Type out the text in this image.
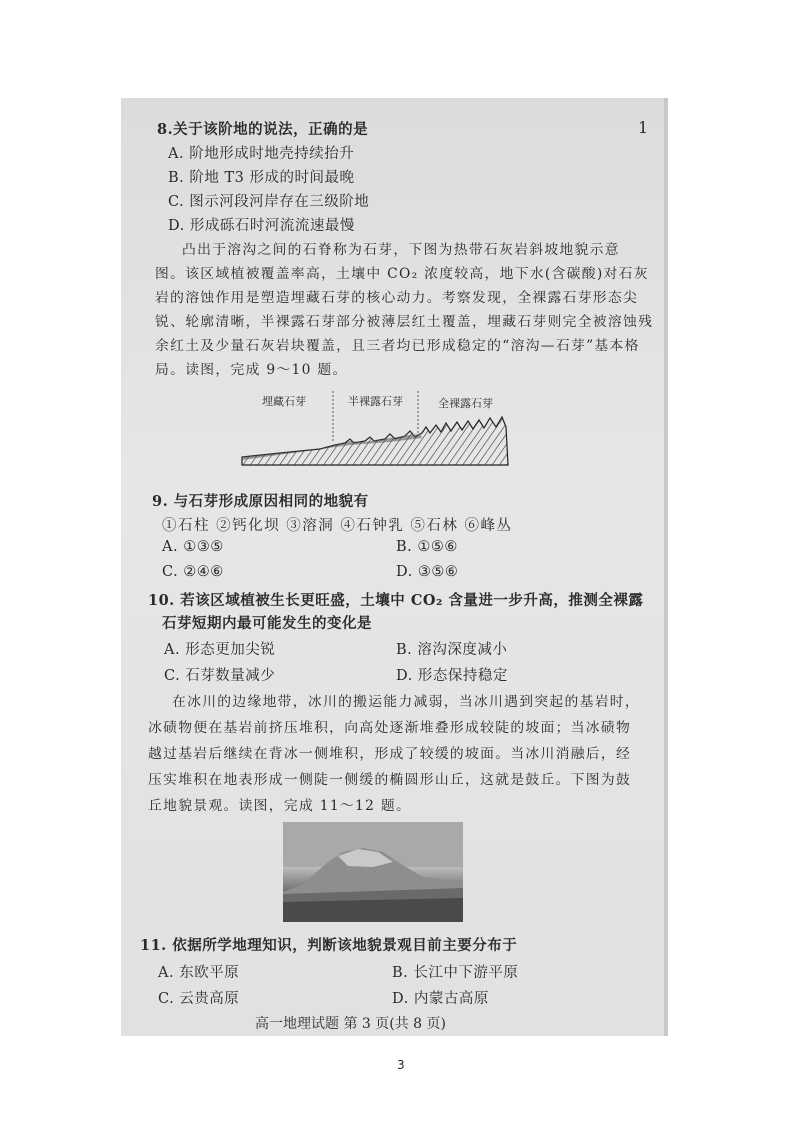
1
8.关于该阶地的说法，正确的是
A. 阶地形成时地壳持续抬升
B. 阶地 T3 形成的时间最晚
C. 图示河段河岸存在三级阶地
D. 形成砾石时河流流速最慢
凸出于溶沟之间的石脊称为石芽，下图为热带石灰岩斜坡地貌示意
图。该区域植被覆盖率高，土壤中 CO₂ 浓度较高，地下水(含碳酸)对石灰
岩的溶蚀作用是塑造埋藏石芽的核心动力。考察发现，全裸露石芽形态尖
锐、轮廓清晰，半裸露石芽部分被薄层红土覆盖，埋藏石芽则完全被溶蚀残
余红土及少量石灰岩块覆盖，且三者均已形成稳定的“溶沟—石芽”基本格
局。读图，完成 9～10 题。
埋藏石芽	半裸露石芽	全裸露石芽
9. 与石芽形成原因相同的地貌有
①石柱 ②钙化坝 ③溶洞 ④石钟乳 ⑤石林 ⑥峰丛
A. ①③⑤	B. ①⑤⑥
C. ②④⑥	D. ③⑤⑥
10. 若该区域植被生长更旺盛，土壤中 CO₂ 含量进一步升高，推测全裸露
石芽短期内最可能发生的变化是
A. 形态更加尖锐	B. 溶沟深度减小
C. 石芽数量减少	D. 形态保持稳定
在冰川的边缘地带，冰川的搬运能力减弱，当冰川遇到突起的基岩时，
冰碛物便在基岩前挤压堆积，向高处逐渐堆叠形成较陡的坡面；当冰碛物
越过基岩后继续在背冰一侧堆积，形成了较缓的坡面。当冰川消融后，经
压实堆积在地表形成一侧陡一侧缓的椭圆形山丘，这就是鼓丘。下图为鼓
丘地貌景观。读图，完成 11～12 题。
11. 依据所学地理知识，判断该地貌景观目前主要分布于
A. 东欧平原	B. 长江中下游平原
C. 云贵高原	D. 内蒙古高原
高一地理试题 第 3 页(共 8 页)
3
